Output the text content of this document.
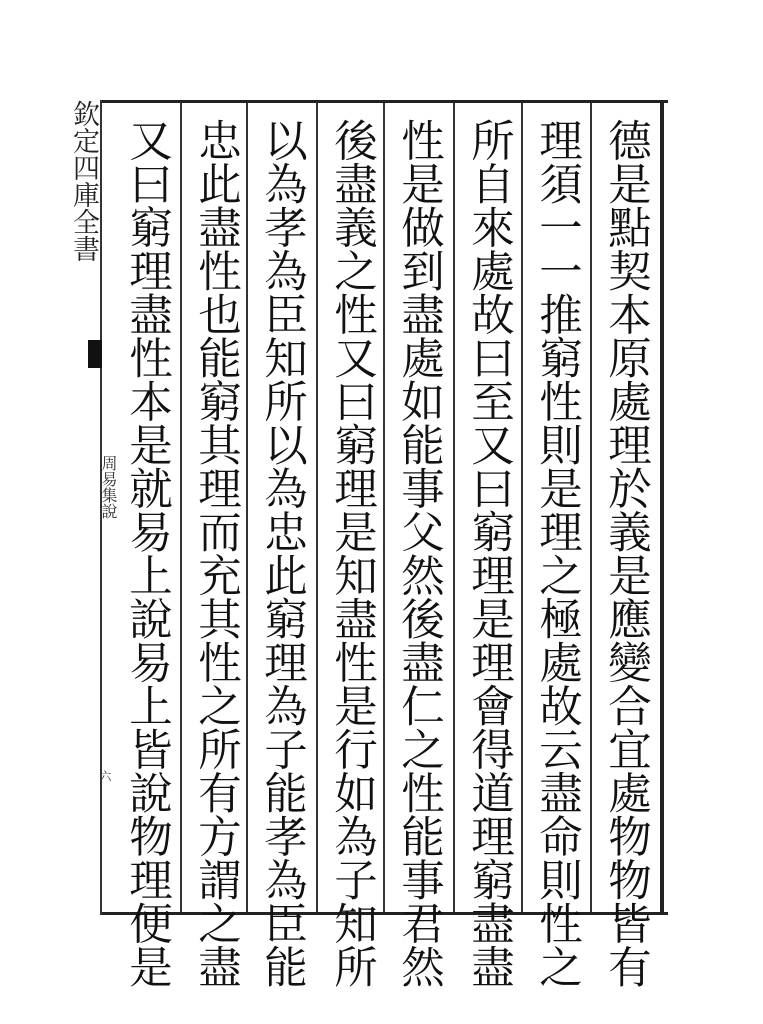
欽定四庫全書
周易集說
六	德是點契本原處理於義是應變合宜處物物皆有
理須一一推窮性則是理之極處故云盡命則性之
所自來處故曰至又曰窮理是理會得道理窮盡盡
性是做到盡處如能事父然後盡仁之性能事君然
後盡義之性又曰窮理是知盡性是行如為子知所
以為孝為臣知所以為忠此窮理為子能孝為臣能
忠此盡性也能窮其理而充其性之所有方謂之盡
又曰窮理盡性本是就易上說易上皆說物理便是
